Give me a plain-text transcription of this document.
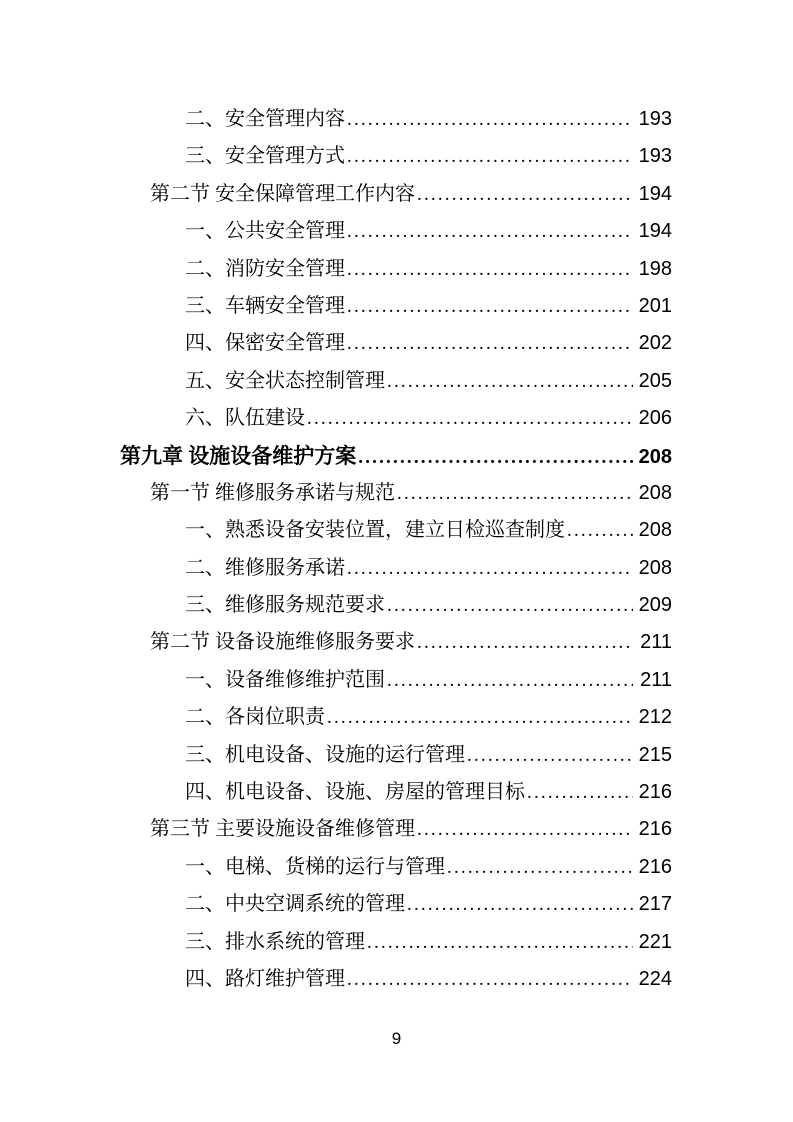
二、安全管理内容 .....	193
三、安全管理方式 .....	193
第二节 安全保障管理工作内容 .....	194
一、公共安全管理 .....	194
二、消防安全管理 .....	198
三、车辆安全管理 .....	201
四、保密安全管理 .....	202
五、安全状态控制管理 .....	205
六、队伍建设 .....	206
第九章 设施设备维护方案 .....	208
第一节 维修服务承诺与规范 .....	208
一、熟悉设备安装位置，建立日检巡查制度 .....	208
二、维修服务承诺 .....	208
三、维修服务规范要求 .....	209
第二节 设备设施维修服务要求 .....	211
一、设备维修维护范围 .....	211
二、各岗位职责 .....	212
三、机电设备、设施的运行管理 .....	215
四、机电设备、设施、房屋的管理目标 .....	216
第三节 主要设施设备维修管理 .....	216
一、电梯、货梯的运行与管理 .....	216
二、中央空调系统的管理 .....	217
三、排水系统的管理 .....	221
四、路灯维护管理 .....	224
9
